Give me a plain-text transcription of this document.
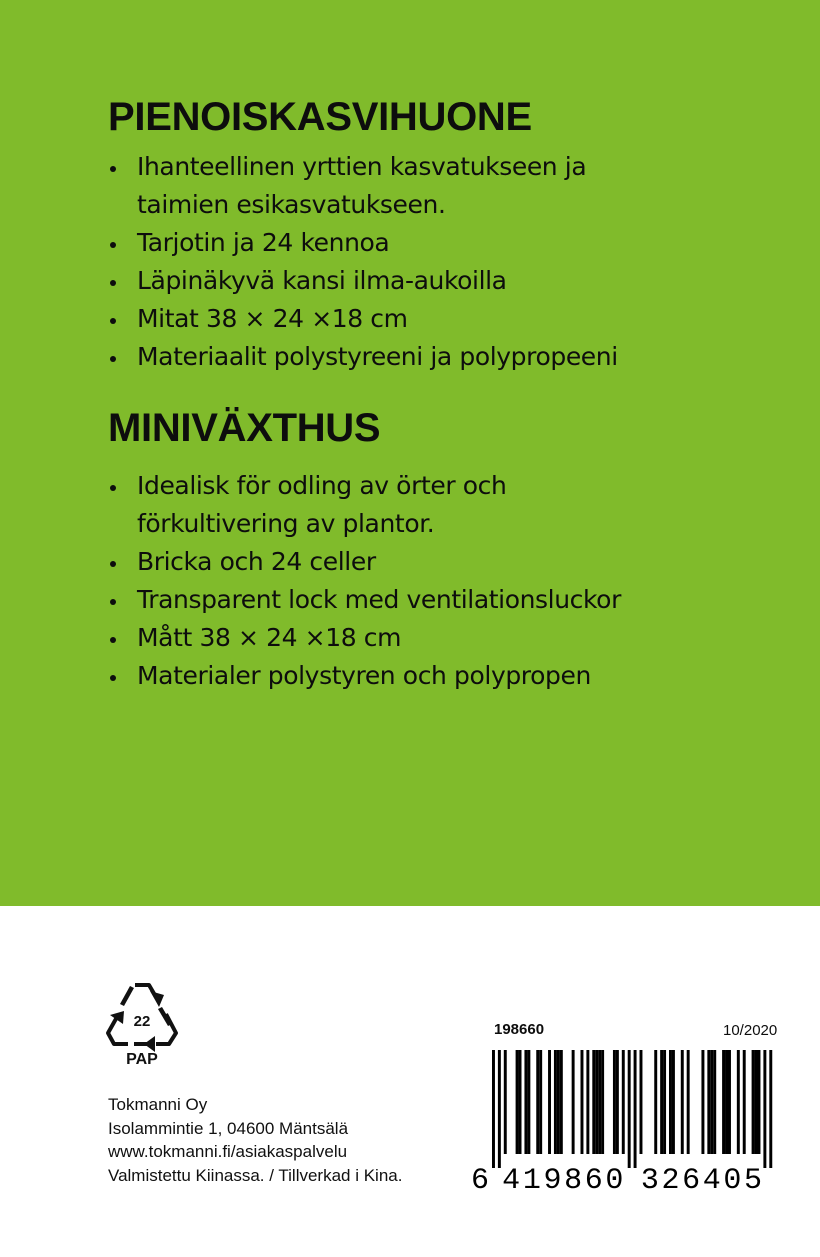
PIENOISKASVIHUONE
Ihanteellinen yrttien kasvatukseen ja
taimien esikasvatukseen.
Tarjotin ja 24 kennoa
Läpinäkyvä kansi ilma-aukoilla
Mitat 38 × 24 ×18 cm
Materiaalit polystyreeni ja polypropeeni
MINIVÄXTHUS
Idealisk för odling av örter och
förkultivering av plantor.
Bricka och 24 celler
Transparent lock med ventilationsluckor
Mått 38 × 24 ×18 cm
Materialer polystyren och polypropen
22
PAP
Tokmanni Oy
Isolammintie 1, 04600 Mäntsälä
www.tokmanni.fi/asiakaspalvelu
Valmistettu Kiinassa. / Tillverkad i Kina.
198660	10/2020
6 4 1 9 8 6 0 3 2 6 4 0 5
